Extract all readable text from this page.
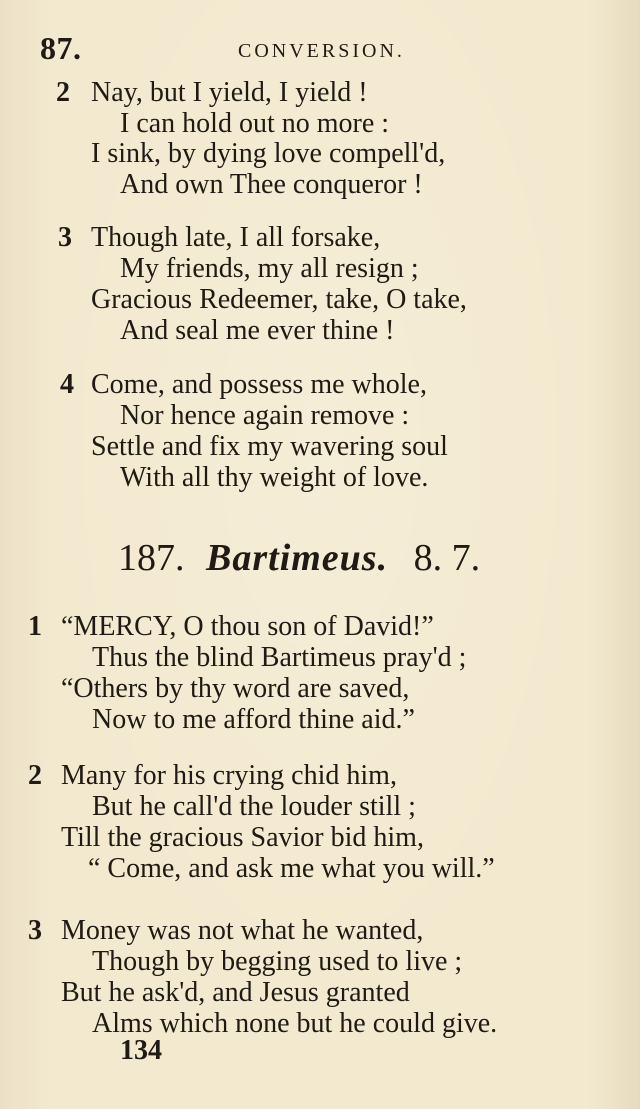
87.	CONVERSION.
2 Nay, but I yield, I yield !
I can hold out no more :
I sink, by dying love compell'd,
And own Thee conqueror !
3 Though late, I all forsake,
My friends, my all resign ;
Gracious Redeemer, take, O take,
And seal me ever thine !
4 Come, and possess me whole,
Nor hence again remove :
Settle and fix my wavering soul
With all thy weight of love.
187. Bartimeus. 8. 7.
1 “MERCY, O thou son of David!”
Thus the blind Bartimeus pray'd ;
“Others by thy word are saved,
Now to me afford thine aid.”
2 Many for his crying chid him,
But he call'd the louder still ;
Till the gracious Savior bid him,
“ Come, and ask me what you will.”
3 Money was not what he wanted,
Though by begging used to live ;
But he ask'd, and Jesus granted
Alms which none but he could give.
134
